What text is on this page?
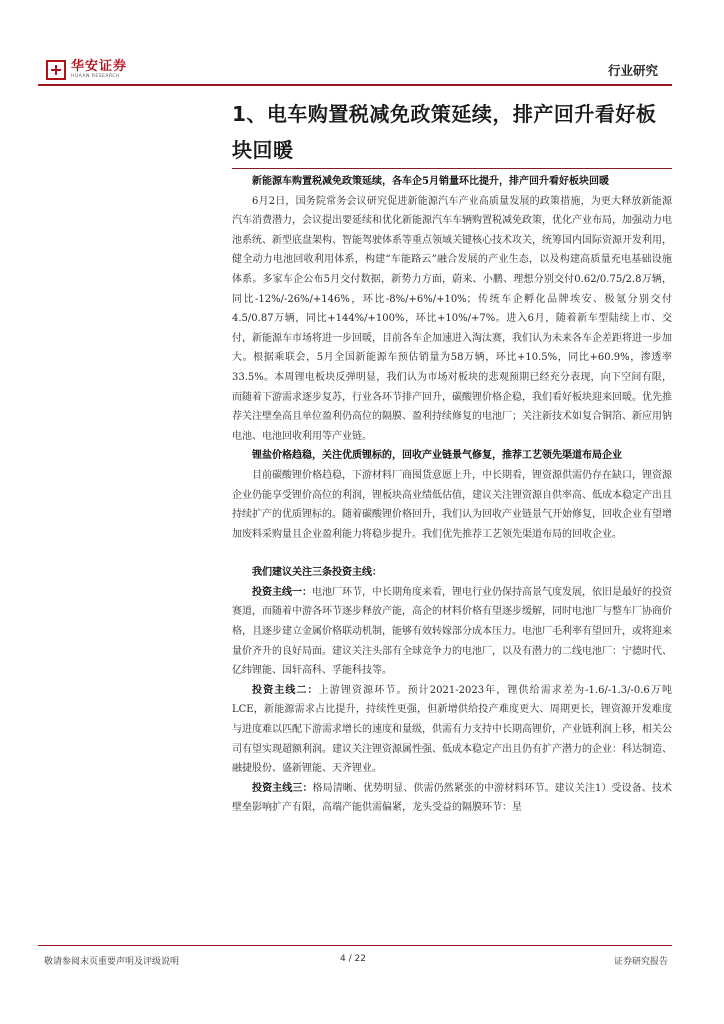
华安证券
HUAAN RESEARCH	行业研究
1、电车购置税减免政策延续，排产回升看好板块回暖

新能源车购置税减免政策延续，各车企5月销量环比提升，排产回升看好板块回暖

6月2日，国务院常务会议研究促进新能源汽车产业高质量发展的政策措施，为更大释放新能源汽车消费潜力，会议提出要延续和优化新能源汽车车辆购置税减免政策，优化产业布局，加强动力电池系统、新型底盘架构、智能驾驶体系等重点领域关键核心技术攻关，统筹国内国际资源开发利用，健全动力电池回收利用体系，构建“车能路云”融合发展的产业生态，以及构建高质量充电基础设施体系。多家车企公布5月交付数据，新势力方面，蔚来、小鹏、理想分别交付0.62/0.75/2.8万辆，同比-12%/-26%/+146%，环比-8%/+6%/+10%；传统车企孵化品牌埃安、极氪分别交付4.5/0.87万辆，同比+144%/+100%，环比+10%/+7%。进入6月，随着新车型陆续上市、交付，新能源车市场将进一步回暖，目前各车企加速进入淘汰赛，我们认为未来各车企差距将进一步加大。根据乘联会，5月全国新能源车预估销量为58万辆，环比+10.5%，同比+60.9%，渗透率33.5%。本周锂电板块反弹明显，我们认为市场对板块的悲观预期已经充分表现，向下空间有限，而随着下游需求逐步复苏，行业各环节排产回升，碳酸锂价格企稳，我们看好板块迎来回暖。优先推荐关注壁垒高且单位盈利仍高位的隔膜、盈利持续修复的电池厂；关注新技术如复合铜箔、新应用钠电池、电池回收利用等产业链。

锂盐价格趋稳，关注优质锂标的，回收产业链景气修复，推荐工艺领先渠道布局企业

目前碳酸锂价格趋稳，下游材料厂商囤货意愿上升，中长期看，锂资源供需仍存在缺口，锂资源企业仍能享受锂价高位的利润，锂板块高业绩低估值，建议关注锂资源自供率高、低成本稳定产出且持续扩产的优质锂标的。随着碳酸锂价格回升，我们认为回收产业链景气开始修复，回收企业有望增加废料采购量且企业盈利能力将稳步提升。我们优先推荐工艺领先渠道布局的回收企业。

我们建议关注三条投资主线：

投资主线一：电池厂环节，中长期角度来看，锂电行业仍保持高景气度发展，依旧是最好的投资赛道，而随着中游各环节逐步释放产能，高企的材料价格有望逐步缓解，同时电池厂与整车厂协商价格，且逐步建立金属价格联动机制，能够有效转嫁部分成本压力。电池厂毛利率有望回升，或将迎来量价齐升的良好局面。建议关注头部有全球竞争力的电池厂，以及有潜力的二线电池厂：宁德时代、亿纬锂能、国轩高科、孚能科技等。

投资主线二：上游锂资源环节。预计2021-2023年，锂供给需求差为-1.6/-1.3/-0.6万吨LCE，新能源需求占比提升，持续性更强，但新增供给投产难度更大、周期更长，锂资源开发难度与进度难以匹配下游需求增长的速度和量级，供需有力支持中长期高锂价，产业链利润上移，相关公司有望实现超额利润。建议关注锂资源属性强、低成本稳定产出且仍有扩产潜力的企业：科达制造、融捷股份、盛新锂能、天齐锂业。

投资主线三：格局清晰、优势明显、供需仍然紧张的中游材料环节。建议关注1）受设备、技术壁垒影响扩产有限，高端产能供需偏紧，龙头受益的隔膜环节：星

敬请参阅末页重要声明及评级说明	4 / 22	证券研究报告
